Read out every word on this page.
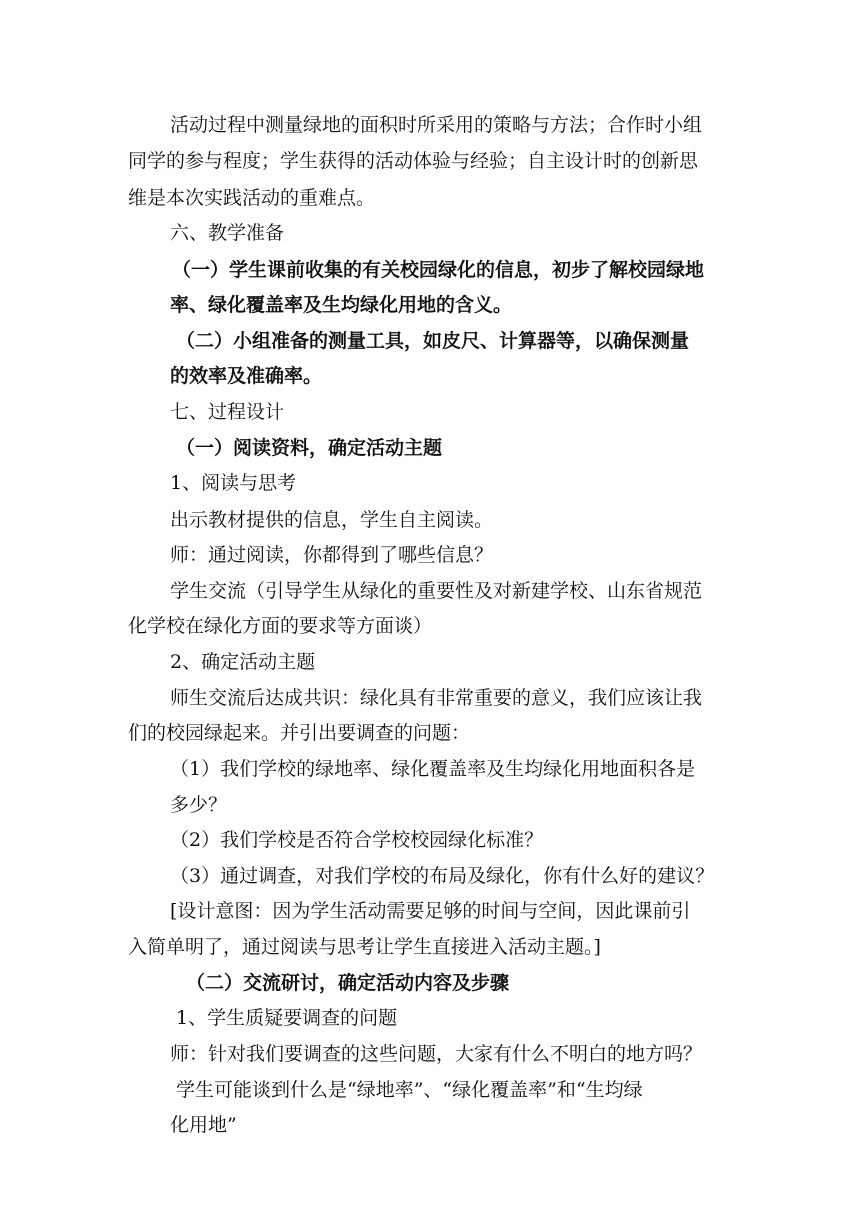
活动过程中测量绿地的面积时所采用的策略与方法；合作时小组
同学的参与程度；学生获得的活动体验与经验；自主设计时的创新思
维是本次实践活动的重难点。
六、教学准备
（一）学生课前收集的有关校园绿化的信息，初步了解校园绿地
率、绿化覆盖率及生均绿化用地的含义。
（二）小组准备的测量工具，如皮尺、计算器等，以确保测量
的效率及准确率。
七、过程设计
（一）阅读资料，确定活动主题
1、阅读与思考
出示教材提供的信息，学生自主阅读。
师：通过阅读，你都得到了哪些信息？
学生交流（引导学生从绿化的重要性及对新建学校、山东省规范
化学校在绿化方面的要求等方面谈）
2、确定活动主题
师生交流后达成共识：绿化具有非常重要的意义，我们应该让我
们的校园绿起来。并引出要调查的问题：
（1）我们学校的绿地率、绿化覆盖率及生均绿化用地面积各是
多少？
（2）我们学校是否符合学校校园绿化标准？
（3）通过调查，对我们学校的布局及绿化，你有什么好的建议？
[设计意图：因为学生活动需要足够的时间与空间，因此课前引
入简单明了，通过阅读与思考让学生直接进入活动主题。]
（二）交流研讨，确定活动内容及步骤
1、学生质疑要调查的问题
师：针对我们要调查的这些问题，大家有什么不明白的地方吗？
学生可能谈到什么是“绿地率”、“绿化覆盖率”和“生均绿
化用地”
